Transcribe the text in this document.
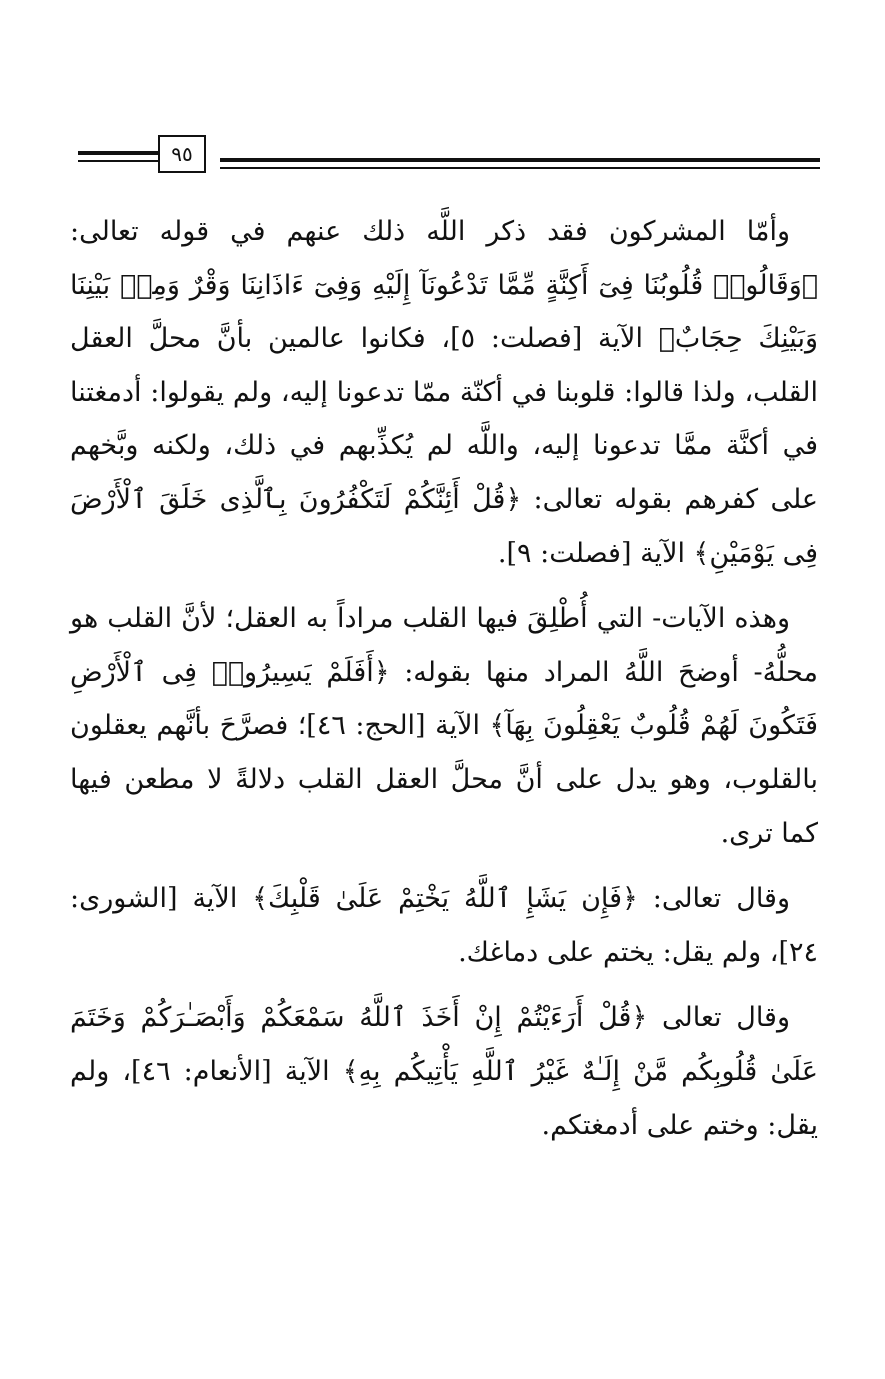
٩٥

وأمّا المشركون فقد ذكر اللَّه ذلك عنهم في قوله تعالى: ﴿وَقَالُوا۟ قُلُوبُنَا فِىٓ أَكِنَّةٍ مِّمَّا تَدْعُونَآ إِلَيْهِ وَفِىٓ ءَاذَانِنَا وَقْرٌ وَمِنۢ بَيْنِنَا وَبَيْنِكَ حِجَابٌ﴾ الآية [فصلت: ٥]، فكانوا عالمين بأنَّ محلَّ العقل القلب، ولذا قالوا: قلوبنا في أكنّة ممّا تدعونا إليه، ولم يقولوا: أدمغتنا في أكنَّة ممَّا تدعونا إليه، واللَّه لم يُكذِّبهم في ذلك، ولكنه وبَّخهم على كفرهم بقوله تعالى: ﴿قُلْ أَئِنَّكُمْ لَتَكْفُرُونَ بِٱلَّذِى خَلَقَ ٱلْأَرْضَ فِى يَوْمَيْنِ﴾ الآية [فصلت: ٩].

وهذه الآيات- التي أُطْلِقَ فيها القلب مراداً به العقل؛ لأنَّ القلب هو محلُّهُ- أوضحَ اللَّهُ المراد منها بقوله: ﴿أَفَلَمْ يَسِيرُوا۟ فِى ٱلْأَرْضِ فَتَكُونَ لَهُمْ قُلُوبٌ يَعْقِلُونَ بِهَآ﴾ الآية [الحج: ٤٦]؛ فصرَّحَ بأنَّهم يعقلون بالقلوب، وهو يدل على أنَّ محلَّ العقل القلب دلالةً لا مطعن فيها كما ترى.

وقال تعالى: ﴿فَإِن يَشَإِ ٱللَّهُ يَخْتِمْ عَلَىٰ قَلْبِكَ﴾ الآية [الشورى: ٢٤]، ولم يقل: يختم على دماغك.

وقال تعالى ﴿قُلْ أَرَءَيْتُمْ إِنْ أَخَذَ ٱللَّهُ سَمْعَكُمْ وَأَبْصَـٰرَكُمْ وَخَتَمَ عَلَىٰ قُلُوبِكُم مَّنْ إِلَـٰهٌ غَيْرُ ٱللَّهِ يَأْتِيكُم بِهِ﴾ الآية [الأنعام: ٤٦]، ولم يقل: وختم على أدمغتكم.
